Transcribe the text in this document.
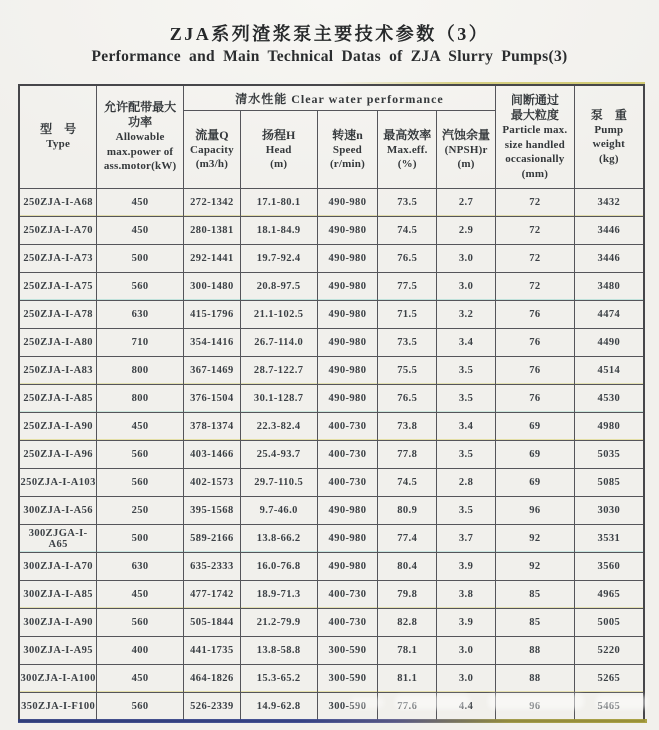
ZJA系列渣浆泵主要技术参数（3）
Performance and Main Technical Datas of ZJA Slurry Pumps(3)
型　号
Type

允许配带最大
功率
Allowable
max.power of
ass.motor(kW)
	清水性能 Clear water performance	间断通过
最大粒度
Particle max.
size handled
occasionally
(mm)

泵　重
Pump
weight
(kg)

		流量Q
Capacity
(m3/h)	扬程H
Head
(m)	转速n
Speed
(r/min)	最高效率
Max.eff.
(%)	汽蚀余量
(NPSH)r
(m)		

250ZJA-I-A68	450	272-1342	17.1-80.1	490-980	73.5	2.7	72	3432
250ZJA-I-A70	450	280-1381	18.1-84.9	490-980	74.5	2.9	72	3446
250ZJA-I-A73	500	292-1441	19.7-92.4	490-980	76.5	3.0	72	3446
250ZJA-I-A75	560	300-1480	20.8-97.5	490-980	77.5	3.0	72	3480
250ZJA-I-A78	630	415-1796	21.1-102.5	490-980	71.5	3.2	76	4474
250ZJA-I-A80	710	354-1416	26.7-114.0	490-980	73.5	3.4	76	4490
250ZJA-I-A83	800	367-1469	28.7-122.7	490-980	75.5	3.5	76	4514
250ZJA-I-A85	800	376-1504	30.1-128.7	490-980	76.5	3.5	76	4530
250ZJA-I-A90	450	378-1374	22.3-82.4	400-730	73.8	3.4	69	4980
250ZJA-I-A96	560	403-1466	25.4-93.7	400-730	77.8	3.5	69	5035
250ZJA-I-A103	560	402-1573	29.7-110.5	400-730	74.5	2.8	69	5085
300ZJA-I-A56	250	395-1568	9.7-46.0	490-980	80.9	3.5	96	3030
300ZJGA-I-A65	500	589-2166	13.8-66.2	490-980	77.4	3.7	92	3531
300ZJA-I-A70	630	635-2333	16.0-76.8	490-980	80.4	3.9	92	3560
300ZJA-I-A85	450	477-1742	18.9-71.3	400-730	79.8	3.8	85	4965
300ZJA-I-A90	560	505-1844	21.2-79.9	400-730	82.8	3.9	85	5005
300ZJA-I-A95	400	441-1735	13.8-58.8	300-590	78.1	3.0	88	5220
300ZJA-I-A100	450	464-1826	15.3-65.2	300-590	81.1	3.0	88	5265
350ZJA-I-F100	560	526-2339	14.9-62.8	300-590	77.6	4.4	96	5465
